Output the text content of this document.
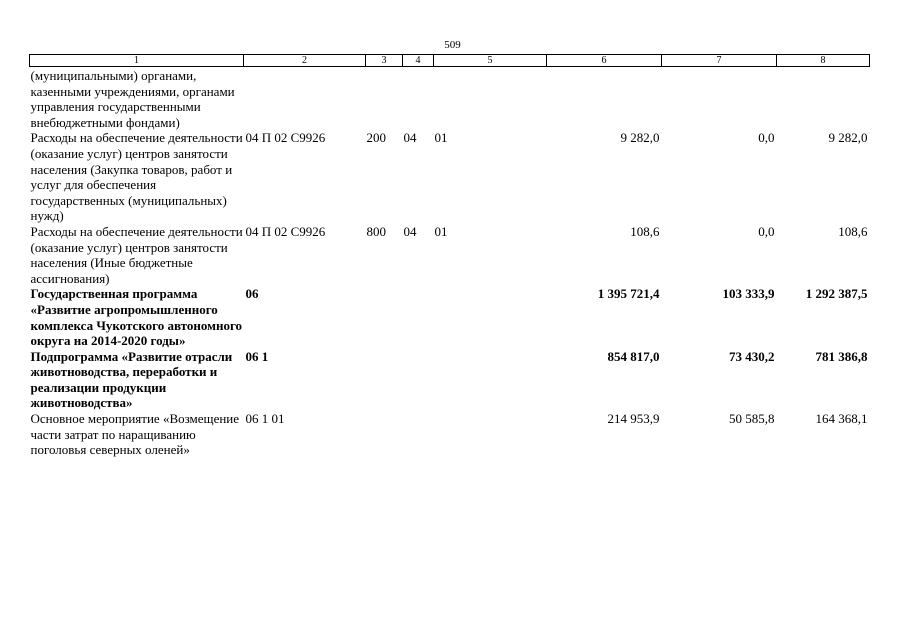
509
1	2	3	4	5	6	7	8
(муниципальными) органами, казенными учреждениями, органами управления государственными внебюджетными фондами)							
Расходы на обеспечение деятельности (оказание услуг) центров занятости населения (Закупка товаров, работ и услуг для обеспечения государственных (муниципальных) нужд)	04 П 02 С9926	200	04	01	9 282,0	0,0	9 282,0
Расходы на обеспечение деятельности (оказание услуг) центров занятости населения (Иные бюджетные ассигнования)	04 П 02 С9926	800	04	01	108,6	0,0	108,6
Государственная программа «Развитие агропромышленного комплекса Чукотского автономного округа на 2014-2020 годы»	06				1 395 721,4	103 333,9	1 292 387,5
Подпрограмма «Развитие отрасли животноводства, переработки и реализации продукции животноводства»	06 1				854 817,0	73 430,2	781 386,8
Основное мероприятие «Возмещение части затрат по наращиванию поголовья северных оленей»	06 1 01				214 953,9	50 585,8	164 368,1
